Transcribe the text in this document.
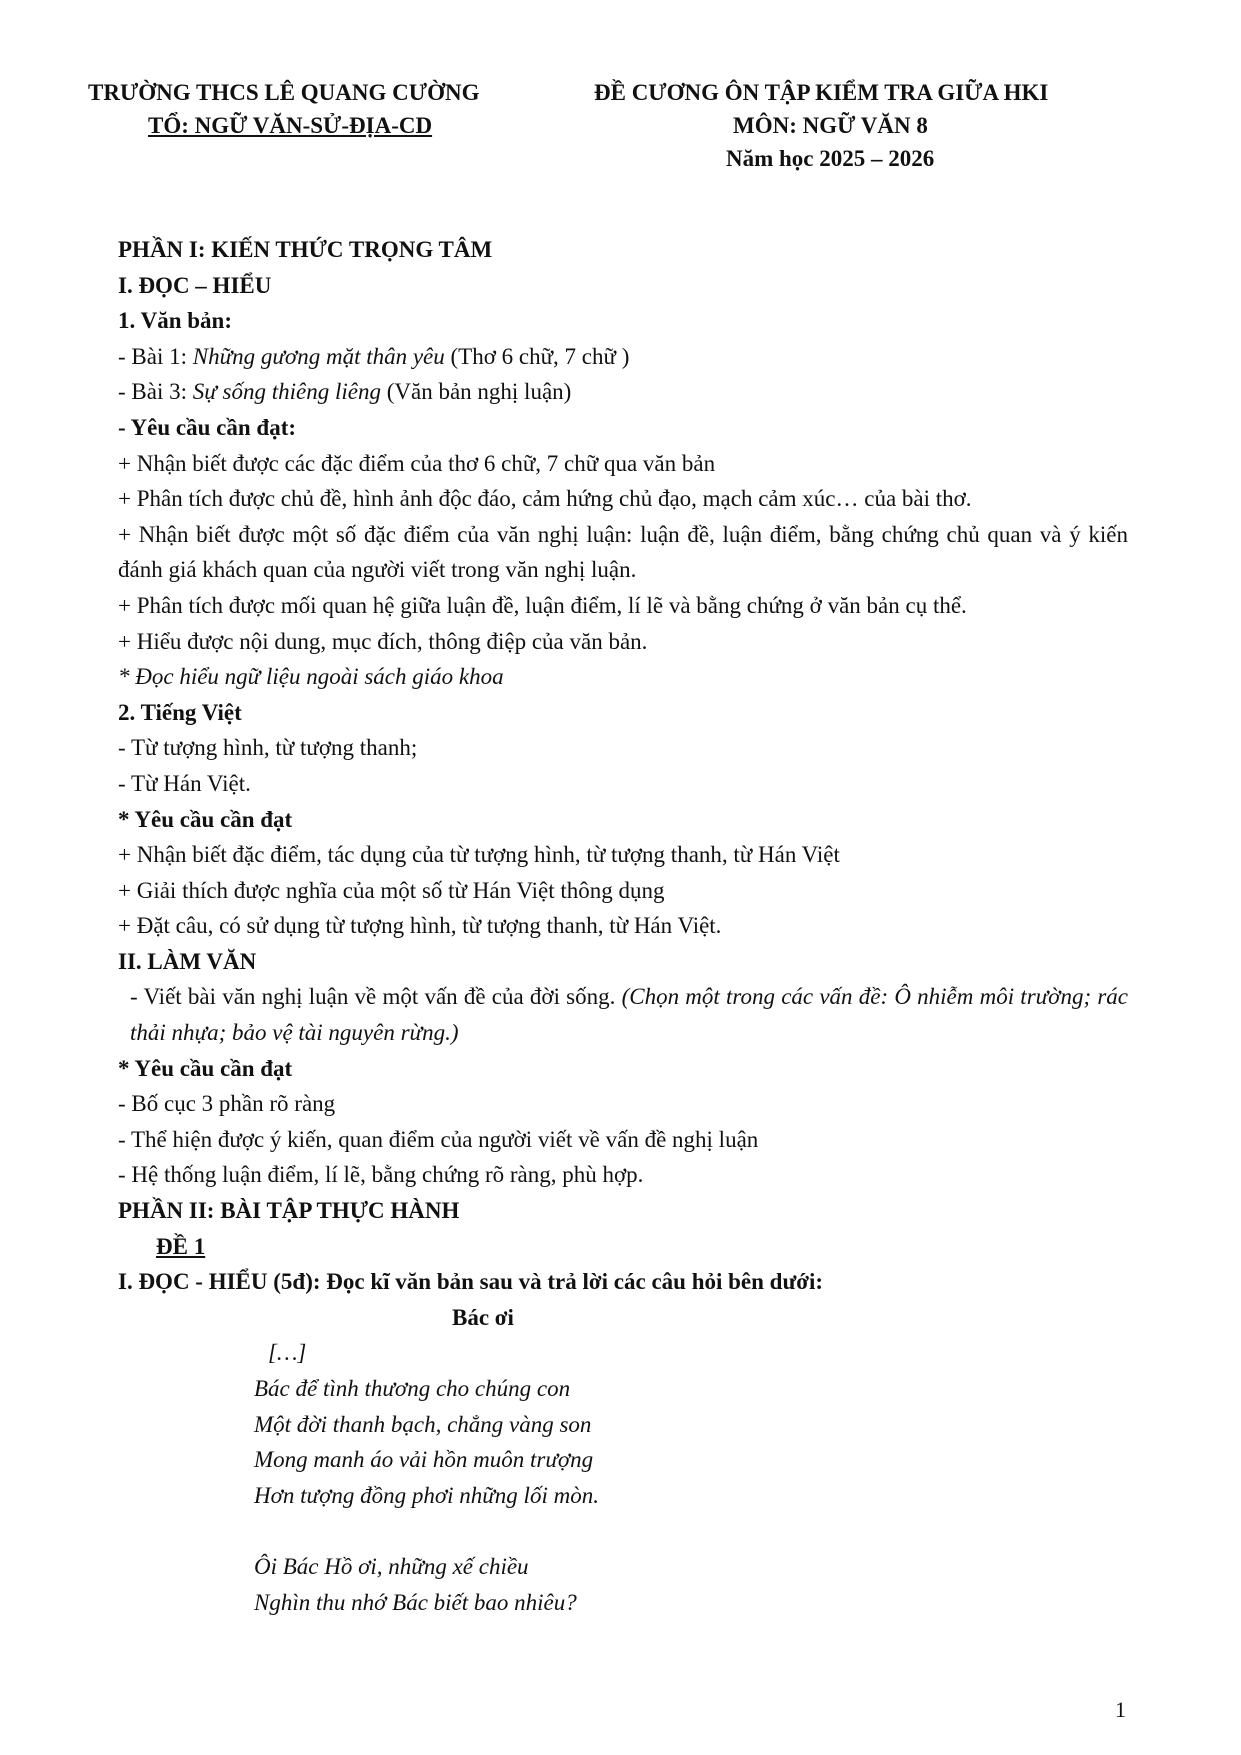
TRƯỜNG THCS LÊ QUANG CƯỜNG
TỔ: NGỮ VĂN-SỬ-ĐỊA-CD
ĐỀ CƯƠNG ÔN TẬP KIỂM TRA GIỮA HKI
MÔN: NGỮ VĂN 8
Năm học 2025 – 2026
PHẦN I: KIẾN THỨC TRỌNG TÂM
I. ĐỌC – HIỂU
1. Văn bản:
- Bài 1: Những gương mặt thân yêu (Thơ 6 chữ, 7 chữ )
- Bài 3: Sự sống thiêng liêng (Văn bản nghị luận)
- Yêu cầu cần đạt:
+ Nhận biết được các đặc điểm của thơ 6 chữ, 7 chữ qua văn bản
+ Phân tích được chủ đề, hình ảnh độc đáo, cảm hứng chủ đạo, mạch cảm xúc… của bài thơ.
+ Nhận biết được một số đặc điểm của văn nghị luận: luận đề, luận điểm, bằng chứng chủ quan và ý kiến đánh giá khách quan của người viết trong văn nghị luận.
+ Phân tích được mối quan hệ giữa luận đề, luận điểm, lí lẽ và bằng chứng ở văn bản cụ thể.
+ Hiểu được nội dung, mục đích, thông điệp của văn bản.
* Đọc hiểu ngữ liệu ngoài sách giáo khoa
2. Tiếng Việt
- Từ tượng hình, từ tượng thanh;
- Từ Hán Việt.
* Yêu cầu cần đạt
+ Nhận biết đặc điểm, tác dụng của từ tượng hình, từ tượng thanh, từ Hán Việt
+ Giải thích được nghĩa của một số từ Hán Việt thông dụng
+ Đặt câu, có sử dụng từ tượng hình, từ tượng thanh, từ Hán Việt.
II. LÀM VĂN
- Viết bài văn nghị luận về một vấn đề của đời sống. (Chọn một trong các vấn đề: Ô nhiễm môi trường; rác thải nhựa; bảo vệ tài nguyên rừng.)
* Yêu cầu cần đạt
- Bố cục 3 phần rõ ràng
- Thể hiện được ý kiến, quan điểm của người viết về vấn đề nghị luận
- Hệ thống luận điểm, lí lẽ, bằng chứng rõ ràng, phù hợp.
PHẦN II: BÀI TẬP THỰC HÀNH
ĐỀ 1
I. ĐỌC - HIỂU (5đ): Đọc kĩ văn bản sau và trả lời các câu hỏi bên dưới:
Bác ơi
[…]
Bác để tình thương cho chúng con
Một đời thanh bạch, chẳng vàng son
Mong manh áo vải hồn muôn trượng
Hơn tượng đồng phơi những lối mòn.
Ôi Bác Hồ ơi, những xế chiều
Nghìn thu nhớ Bác biết bao nhiêu?
1
